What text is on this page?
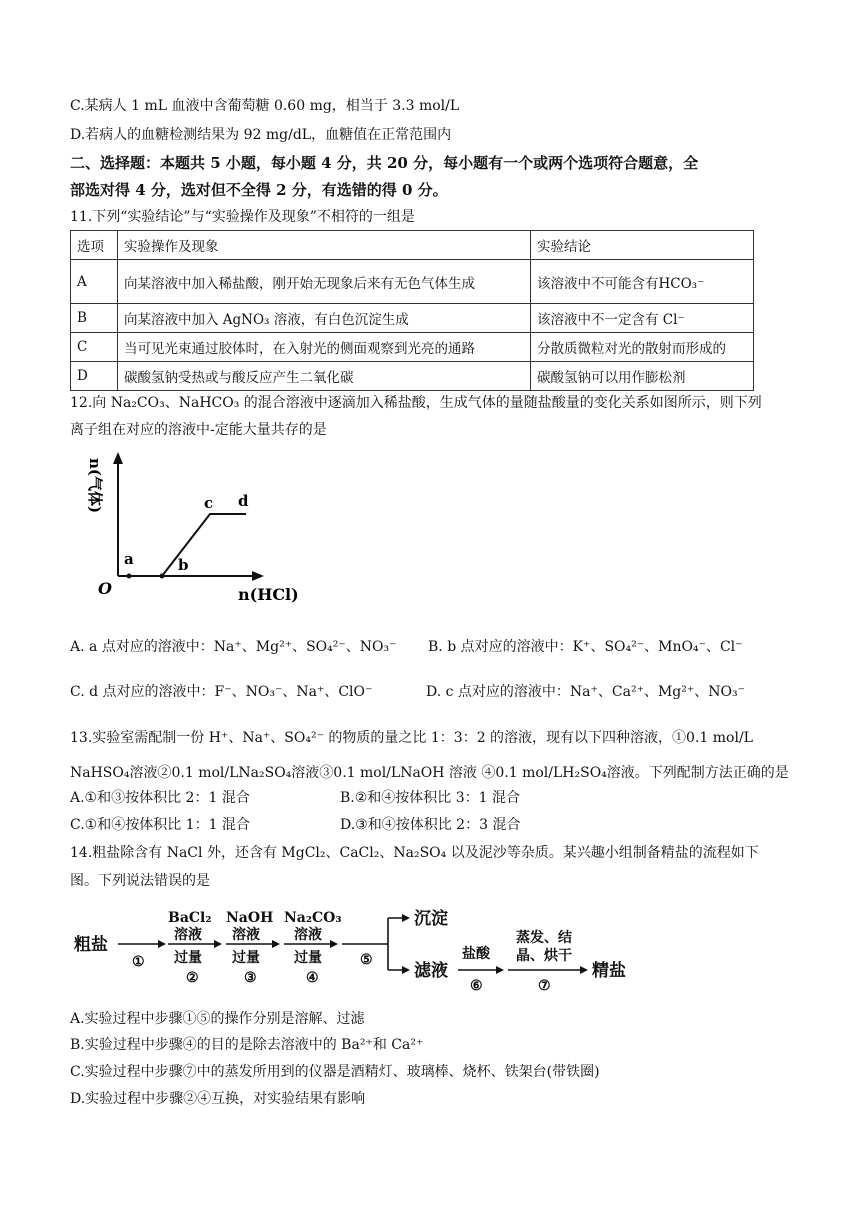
C.某病人 1 mL 血液中含葡萄糖 0.60 mg，相当于 3.3 mol/L
D.若病人的血糖检测结果为 92 mg/dL，血糖值在正常范围内
二、选择题：本题共 5 小题，每小题 4 分，共 20 分，每小题有一个或两个选项符合题意，全
部选对得 4 分，选对但不全得 2 分，有选错的得 0 分。
11.下列“实验结论”与“实验操作及现象”不相符的一组是
选项	实验操作及现象	实验结论
A	向某溶液中加入稀盐酸，刚开始无现象后来有无色气体生成	该溶液中不可能含有HCO₃⁻
B	向某溶液中加入 AgNO₃ 溶液，有白色沉淀生成	该溶液中不一定含有 Cl⁻
C	当可见光束通过胶体时，在入射光的侧面观察到光亮的通路	分散质微粒对光的散射而形成的
D	碳酸氢钠受热或与酸反应产生二氧化碳	碳酸氢钠可以用作膨松剂
12.向 Na₂CO₃、NaHCO₃ 的混合溶液中逐滴加入稀盐酸，生成气体的量随盐酸量的变化关系如图所示，则下列
离子组在对应的溶液中-定能大量共存的是
n(气体)
n(HCl)
O
a	b
c d
A. a 点对应的溶液中：Na⁺、Mg²⁺、SO₄²⁻、NO₃⁻ B. b 点对应的溶液中：K⁺、SO₄²⁻、MnO₄⁻、Cl⁻
C. d 点对应的溶液中：F⁻、NO₃⁻、Na⁺、ClO⁻	D. c 点对应的溶液中：Na⁺、Ca²⁺、Mg²⁺、NO₃⁻
13.实验室需配制一份 H⁺、Na⁺、SO₄²⁻ 的物质的量之比 1：3：2 的溶液，现有以下四种溶液，①0.1 mol/L
NaHSO₄溶液②0.1 mol/LNa₂SO₄溶液③0.1 mol/LNaOH 溶液 ④0.1 mol/LH₂SO₄溶液。下列配制方法正确的是
A.①和③按体积比 2：1 混合	B.②和④按体积比 3：1 混合
C.①和④按体积比 1：1 混合	D.③和④按体积比 2：3 混合
14.粗盐除含有 NaCl 外，还含有 MgCl₂、CaCl₂、Na₂SO₄ 以及泥沙等杂质。某兴趣小组制备精盐的流程如下
图。下列说法错误的是
粗盐
①
BaCl₂
溶液
过量
②
NaOH
溶液
过量
③
Na₂CO₃
溶液
过量
④
⑤
沉淀
滤液
盐酸
⑥
蒸发、结
晶、烘干
⑦
精盐
A.实验过程中步骤①⑤的操作分别是溶解、过滤
B.实验过程中步骤④的目的是除去溶液中的 Ba²⁺和 Ca²⁺
C.实验过程中步骤⑦中的蒸发所用到的仪器是酒精灯、玻璃棒、烧杯、铁架台(带铁圈)
D.实验过程中步骤②④互换，对实验结果有影响
